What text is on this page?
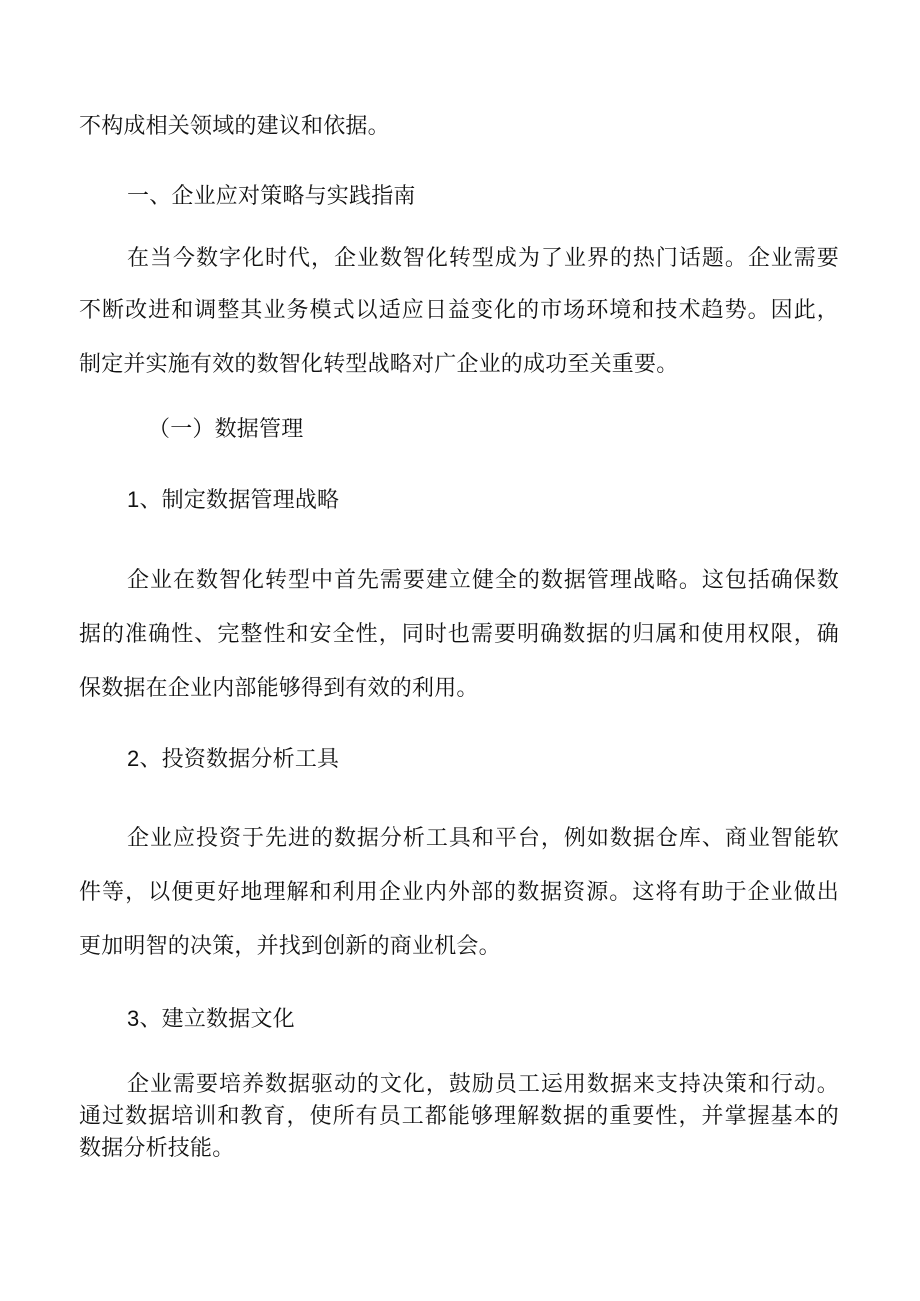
不构成相关领域的建议和依据。
一、企业应对策略与实践指南
在当今数字化时代，企业数智化转型成为了业界的热门话题。企业需要
不断改进和调整其业务模式以适应日益变化的市场环境和技术趋势。因此，
制定并实施有效的数智化转型战略对广企业的成功至关重要。
（一）数据管理
1、制定数据管理战略
企业在数智化转型中首先需要建立健全的数据管理战略。这包括确保数
据的准确性、完整性和安全性，同时也需要明确数据的归属和使用权限，确
保数据在企业内部能够得到有效的利用。
2、投资数据分析工具
企业应投资于先进的数据分析工具和平台，例如数据仓库、商业智能软
件等，以便更好地理解和利用企业内外部的数据资源。这将有助于企业做出
更加明智的决策，并找到创新的商业机会。
3、建立数据文化
企业需要培养数据驱动的文化，鼓励员工运用数据来支持决策和行动。
通过数据培训和教育，使所有员工都能够理解数据的重要性，并掌握基本的
数据分析技能。
